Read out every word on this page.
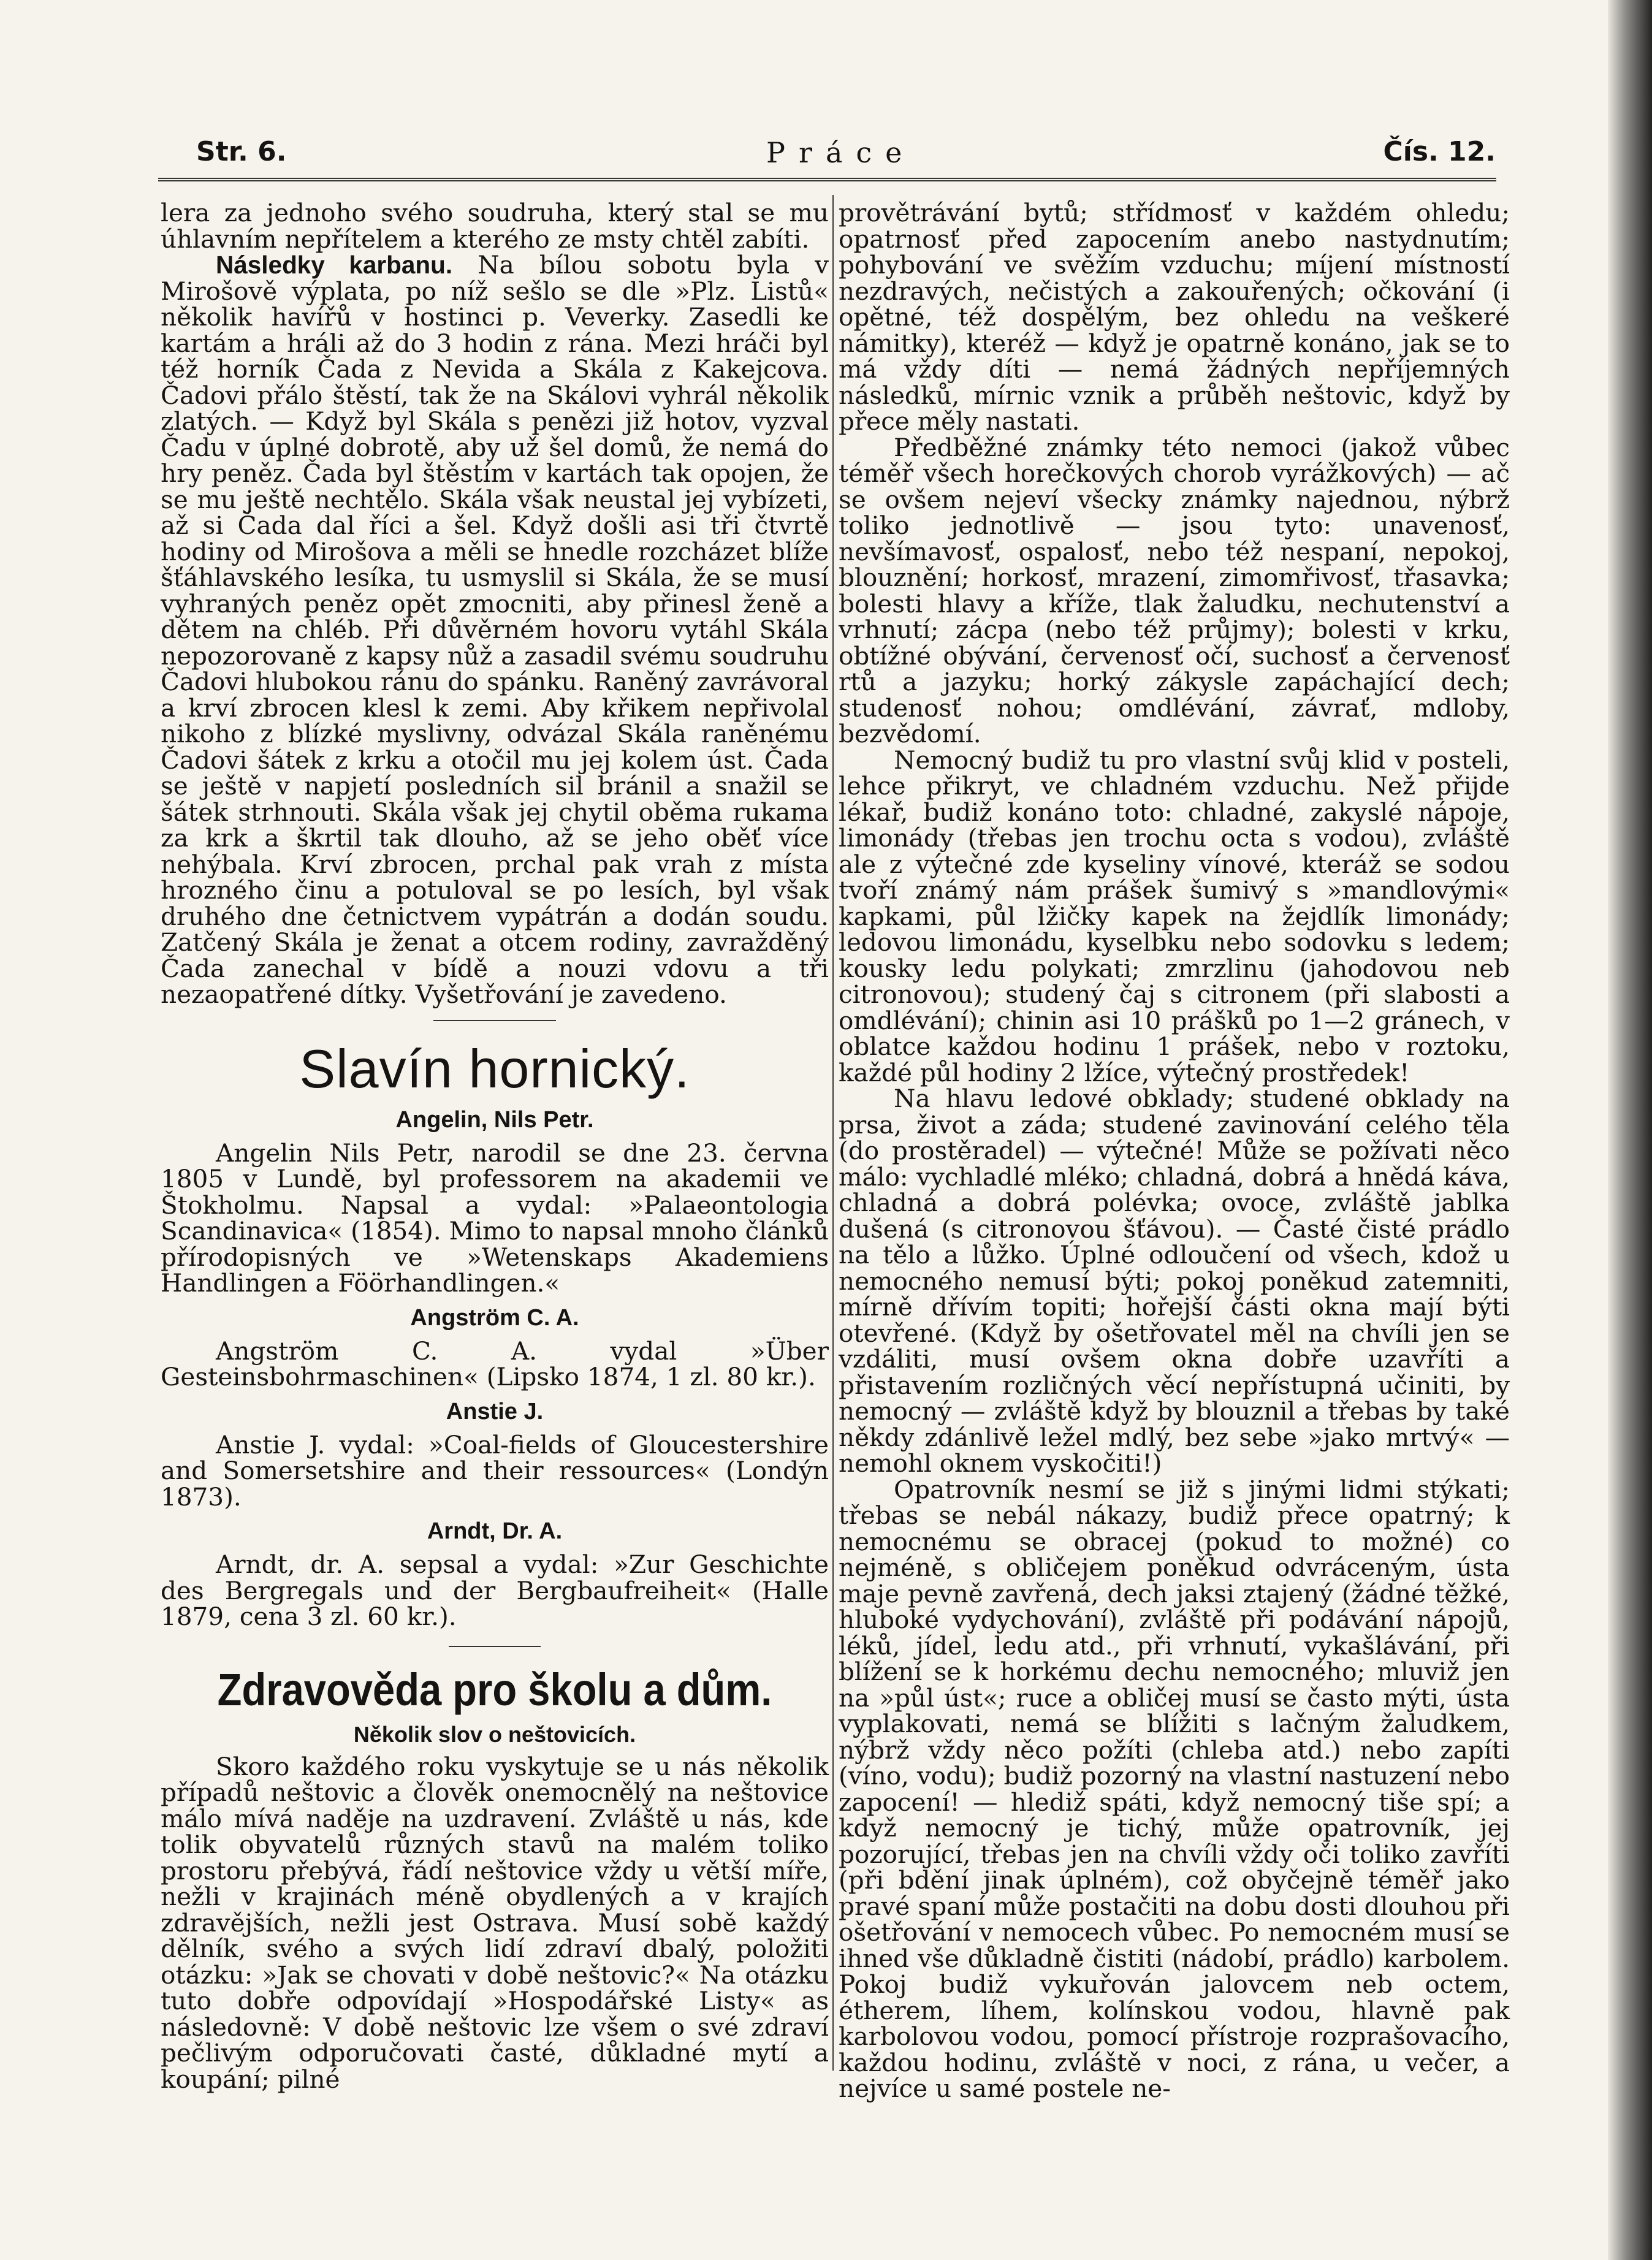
Str. 6.	Práce	Čís. 12.

lera za jednoho svého soudruha, který stal se mu úhlavním nepřítelem a kterého ze msty chtěl zabíti.

Následky karbanu. Na bílou sobotu byla v Mirošově výplata, po níž sešlo se dle »Plz. Listů« několik havířů v hostinci p. Veverky. Zasedli ke kartám a hráli až do 3 hodin z rána. Mezi hráči byl též horník Čada z Nevida a Skála z Kakejcova. Čadovi přálo štěstí, tak že na Skálovi vyhrál několik zlatých. — Když byl Skála s penězi již hotov, vyzval Čadu v úplné dobrotě, aby už šel domů, že nemá do hry peněz. Čada byl štěstím v kartách tak opojen, že se mu ještě nechtělo. Skála však neustal jej vybízeti, až si Čada dal říci a šel. Když došli asi tři čtvrtě hodiny od Mirošova a měli se hnedle rozcházet blíže šťáhlavského lesíka, tu usmyslil si Skála, že se musí vyhraných peněz opět zmocniti, aby přinesl ženě a dětem na chléb. Při důvěrném hovoru vytáhl Skála nepozorovaně z kapsy nůž a zasadil svému soudruhu Čadovi hlubokou ránu do spánku. Raněný zavrávoral a krví zbrocen klesl k zemi. Aby křikem nepřivolal nikoho z blízké myslivny, odvázal Skála raněnému Čadovi šátek z krku a otočil mu jej kolem úst. Čada se ještě v napjetí posledních sil bránil a snažil se šátek strhnouti. Skála však jej chytil oběma rukama za krk a škrtil tak dlouho, až se jeho oběť více nehýbala. Krví zbrocen, prchal pak vrah z místa hrozného činu a potuloval se po lesích, byl však druhého dne četnictvem vypátrán a dodán soudu. Zatčený Skála je ženat a otcem rodiny, zavražděný Čada zanechal v bídě a nouzi vdovu a tři nezaopatřené dítky. Vyšetřování je zavedeno.

Slavín hornický.
Angelin, Nils Petr.

Angelin Nils Petr, narodil se dne 23. června 1805 v Lundě, byl professorem na akademii ve Štokholmu. Napsal a vydal: »Palaeontologia Scandinavica« (1854). Mimo to napsal mnoho článků přírodopisných ve »Wetenskaps Akademiens Handlingen a Föörhandlingen.«

Angström C. A.

Angström C. A. vydal »Über Gesteinsbohrmaschinen« (Lipsko 1874, 1 zl. 80 kr.).

Anstie J.

Anstie J. vydal: »Coal-fields of Gloucestershire and Somersetshire and their ressources« (Londýn 1873).

Arndt, Dr. A.

Arndt, dr. A. sepsal a vydal: »Zur Geschichte des Bergregals und der Bergbaufreiheit« (Halle 1879, cena 3 zl. 60 kr.).

Zdravověda pro školu a dům.
Několik slov o neštovicích.

Skoro každého roku vyskytuje se u nás několik případů neštovic a člověk onemocnělý na neštovice málo mívá naděje na uzdravení. Zvláště u nás, kde tolik obyvatelů různých stavů na malém toliko prostoru přebývá, řádí neštovice vždy u větší míře, nežli v krajinách méně obydlených a v krajích zdravějších, nežli jest Ostrava. Musí sobě každý dělník, svého a svých lidí zdraví dbalý, položiti otázku: »Jak se chovati v době neštovic?« Na otázku tuto dobře odpovídají »Hospodářské Listy« as následovně: V době neštovic lze všem o své zdraví pečlivým odporučovati časté, důkladné mytí a koupání; pilné

provětrávání bytů; střídmosť v každém ohledu; opatrnosť před zapocením anebo nastydnutím; pohybování ve svěžím vzduchu; míjení místností nezdravých, nečistých a zakouřených; očkování (i opětné, též dospělým, bez ohledu na veškeré námitky), kteréž — když je opatrně konáno, jak se to má vždy díti — nemá žádných nepříjemných následků, mírnic vznik a průběh neštovic, když by přece měly nastati.

Předběžné známky této nemoci (jakož vůbec téměř všech horečkových chorob vyrážkových) — ač se ovšem nejeví všecky známky najednou, nýbrž toliko jednotlivě — jsou tyto: unavenosť, nevšímavosť, ospalosť, nebo též nespaní, nepokoj, blouznění; horkosť, mrazení, zimomřivosť, třasavka; bolesti hlavy a kříže, tlak žaludku, nechutenství a vrhnutí; zácpa (nebo též průjmy); bolesti v krku, obtížné obývání, červenosť očí, suchosť a červenosť rtů a jazyku; horký zákysle zapáchající dech; studenosť nohou; omdlévání, závrať, mdloby, bezvědomí.

Nemocný budiž tu pro vlastní svůj klid v posteli, lehce přikryt, ve chladném vzduchu. Než přijde lékař, budiž konáno toto: chladné, zakyslé nápoje, limonády (třebas jen trochu octa s vodou), zvláště ale z výtečné zde kyseliny vínové, kteráž se sodou tvoří známý nám prášek šumivý s »mandlovými« kapkami, půl lžičky kapek na žejdlík limonády; ledovou limonádu, kyselbku nebo sodovku s ledem; kousky ledu polykati; zmrzlinu (jahodovou neb citronovou); studený čaj s citronem (při slabosti a omdlévání); chinin asi 10 prášků po 1—2 gránech, v oblatce každou hodinu 1 prášek, nebo v roztoku, každé půl hodiny 2 lžíce, výtečný prostředek!

Na hlavu ledové obklady; studené obklady na prsa, život a záda; studené zavinování celého těla (do prostěradel) — výtečné! Může se požívati něco málo: vychladlé mléko; chladná, dobrá a hnědá káva, chladná a dobrá polévka; ovoce, zvláště jablka dušená (s citronovou šťávou). — Časté čisté prádlo na tělo a lůžko. Úplné odloučení od všech, kdož u nemocného nemusí býti; pokoj poněkud zatemniti, mírně dřívím topiti; hořejší části okna mají býti otevřené. (Když by ošetřovatel měl na chvíli jen se vzdáliti, musí ovšem okna dobře uzavříti a přistavením rozličných věcí nepřístupná učiniti, by nemocný — zvláště když by blouznil a třebas by také někdy zdánlivě ležel mdlý, bez sebe »jako mrtvý« — nemohl oknem vyskočiti!)

Opatrovník nesmí se již s jinými lidmi stýkati; třebas se nebál nákazy, budiž přece opatrný; k nemocnému se obracej (pokud to možné) co nejméně, s obličejem poněkud odvráceným, ústa maje pevně zavřená, dech jaksi ztajený (žádné těžké, hluboké vydychování), zvláště při podávání nápojů, léků, jídel, ledu atd., při vrhnutí, vykašlávání, při blížení se k horkému dechu nemocného; mluviž jen na »půl úst«; ruce a obličej musí se často mýti, ústa vyplakovati, nemá se blížiti s lačným žaludkem, nýbrž vždy něco požíti (chleba atd.) nebo zapíti (víno, vodu); budiž pozorný na vlastní nastuzení nebo zapocení! — hlediž spáti, když nemocný tiše spí; a když nemocný je tichý, může opatrovník, jej pozorující, třebas jen na chvíli vždy oči toliko zavříti (při bdění jinak úplném), což obyčejně téměř jako pravé spaní může postačiti na dobu dosti dlouhou při ošetřování v nemocech vůbec. Po nemocném musí se ihned vše důkladně čistiti (nádobí, prádlo) karbolem. Pokoj budiž vykuřován jalovcem neb octem, étherem, líhem, kolínskou vodou, hlavně pak karbolovou vodou, pomocí přístroje rozprašovacího, každou hodinu, zvláště v noci, z rána, u večer, a nejvíce u samé postele ne-
